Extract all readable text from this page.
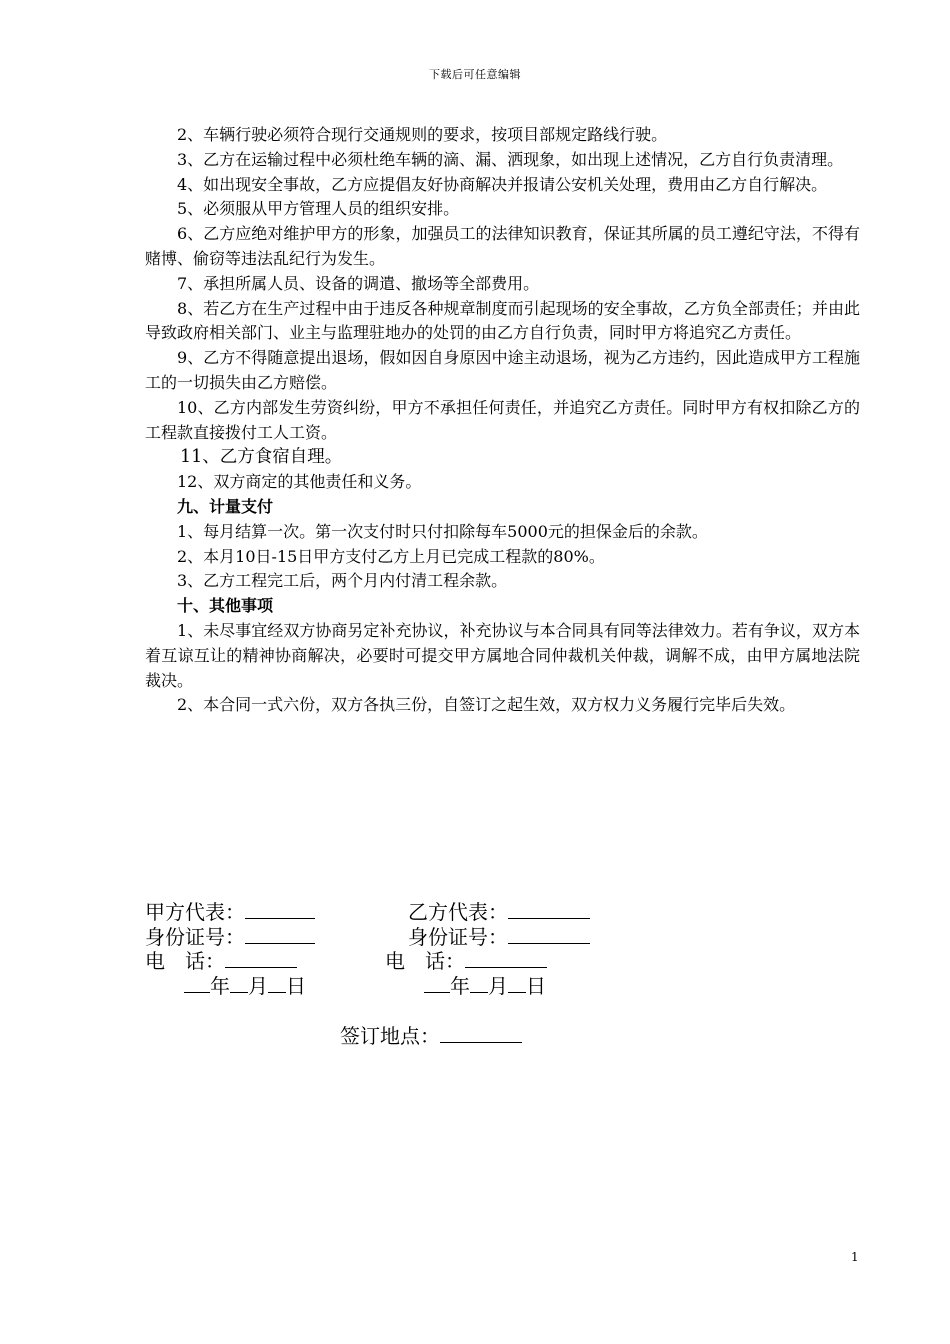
下载后可任意编辑

2、车辆行驶必须符合现行交通规则的要求，按项目部规定路线行驶。

3、乙方在运输过程中必须杜绝车辆的滴、漏、洒现象，如出现上述情况，乙方自行负责清理。

4、如出现安全事故，乙方应提倡友好协商解决并报请公安机关处理，费用由乙方自行解决。

5、必须服从甲方管理人员的组织安排。

6、乙方应绝对维护甲方的形象，加强员工的法律知识教育，保证其所属的员工遵纪守法，不得有赌博、偷窃等违法乱纪行为发生。

7、承担所属人员、设备的调遣、撤场等全部费用。

8、若乙方在生产过程中由于违反各种规章制度而引起现场的安全事故，乙方负全部责任；并由此导致政府相关部门、业主与监理驻地办的处罚的由乙方自行负责，同时甲方将追究乙方责任。

9、乙方不得随意提出退场，假如因自身原因中途主动退场，视为乙方违约，因此造成甲方工程施工的一切损失由乙方赔偿。

10、乙方内部发生劳资纠纷，甲方不承担任何责任，并追究乙方责任。同时甲方有权扣除乙方的工程款直接拨付工人工资。

11、乙方食宿自理。

12、双方商定的其他责任和义务。

九、计量支付

1、每月结算一次。第一次支付时只付扣除每车5000元的担保金后的余款。

2、本月10日-15日甲方支付乙方上月已完成工程款的80%。

3、乙方工程完工后，两个月内付清工程余款。

十、其他事项

1、未尽事宜经双方协商另定补充协议，补充协议与本合同具有同等法律效力。若有争议，双方本着互谅互让的精神协商解决，必要时可提交甲方属地合同仲裁机关仲裁，调解不成，由甲方属地法院裁决。

2、本合同一式六份，双方各执三份，自签订之起生效，双方权力义务履行完毕后失效。

甲方代表：	乙方代表：
身份证号：	身份证号：
电　话：	电　话：
年 月 日	年 月 日
签订地点：
1
